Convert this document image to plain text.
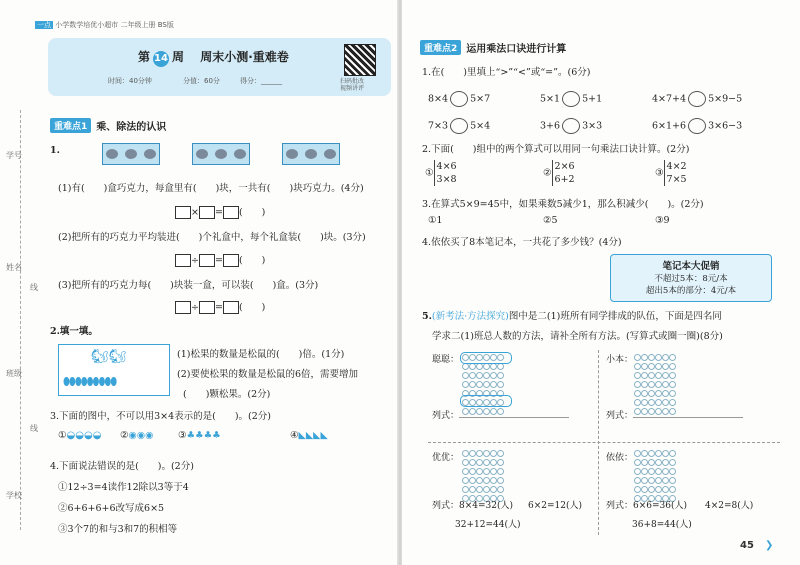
一点 小学数学培优小超市 二年级上册 BS版
第 14 周 周末小测·重难卷
时间：40分钟	分值：60分	得分：______	扫码批改
视频讲评
学号
姓名
线
班级
线
学校
重难点1 乘、除法的认识
1.
(1)有(　　)盒巧克力，每盒里有(　　)块，一共有(　　)块巧克力。(4分)
× = (　　)
(2)把所有的巧克力平均装进(　　)个礼盒中，每个礼盒装(　　)块。(3分)
÷ = (　　)
(3)把所有的巧克力每(　　)块装一盒，可以装(　　)盒。(3分)
÷ = (　　)
2.填一填。
🐿🐿
⬮⬮⬮⬮⬮⬮⬮⬮⬮
(1)松果的数量是松鼠的(　　)倍。(1分)
(2)要使松果的数量是松鼠的6倍，需要增加
(　　)颗松果。(2分)
3.下面的图中，不可以用3×4表示的是(　　)。(2分)
①◒◒◒◒ ②◉◉◉	③♣♣♣♣	④◣◣◣◣
4.下面说法错误的是(　　)。(2分)
①12÷3=4读作12除以3等于4
②6+6+6+6改写成6×5
③3个7的和与3和7的积相等
重难点2 运用乘法口诀进行计算
1.在(　　)里填上“>”“<”或“=”。(6分)
8×4 5×7	5×1 5+1	4×7+4 5×9−5
7×3 5×4	3+6 3×3	6×1+6 3×6−3
2.下面(　　)组中的两个算式可以用同一句乘法口诀计算。(2分)
①4×6
3×8
②2×6
6+2
③4×2
7×5
3.在算式5×9=45中，如果乘数5减少1，那么积减少(　　)。(2分)
①1	②5	③9
4.依依买了8本笔记本，一共花了多少钱？(4分)
笔记本大促销
不超过5本：8元/本
超出5本的部分：4元/本
5.(新考法·方法探究)图中是二(1)班所有同学排成的队伍，下面是四名同
学求二(1)班总人数的方法，请补全所有方法。(写算式或圈一圈)(8分)
聪聪：
列式：
小本：
列式：
优优：
列式：8×4=32(人) 6×2=12(人)
32+12=44(人)
依依：
列式：6×6=36(人) 4×2=8(人)
36+8=44(人)
45 ❯
